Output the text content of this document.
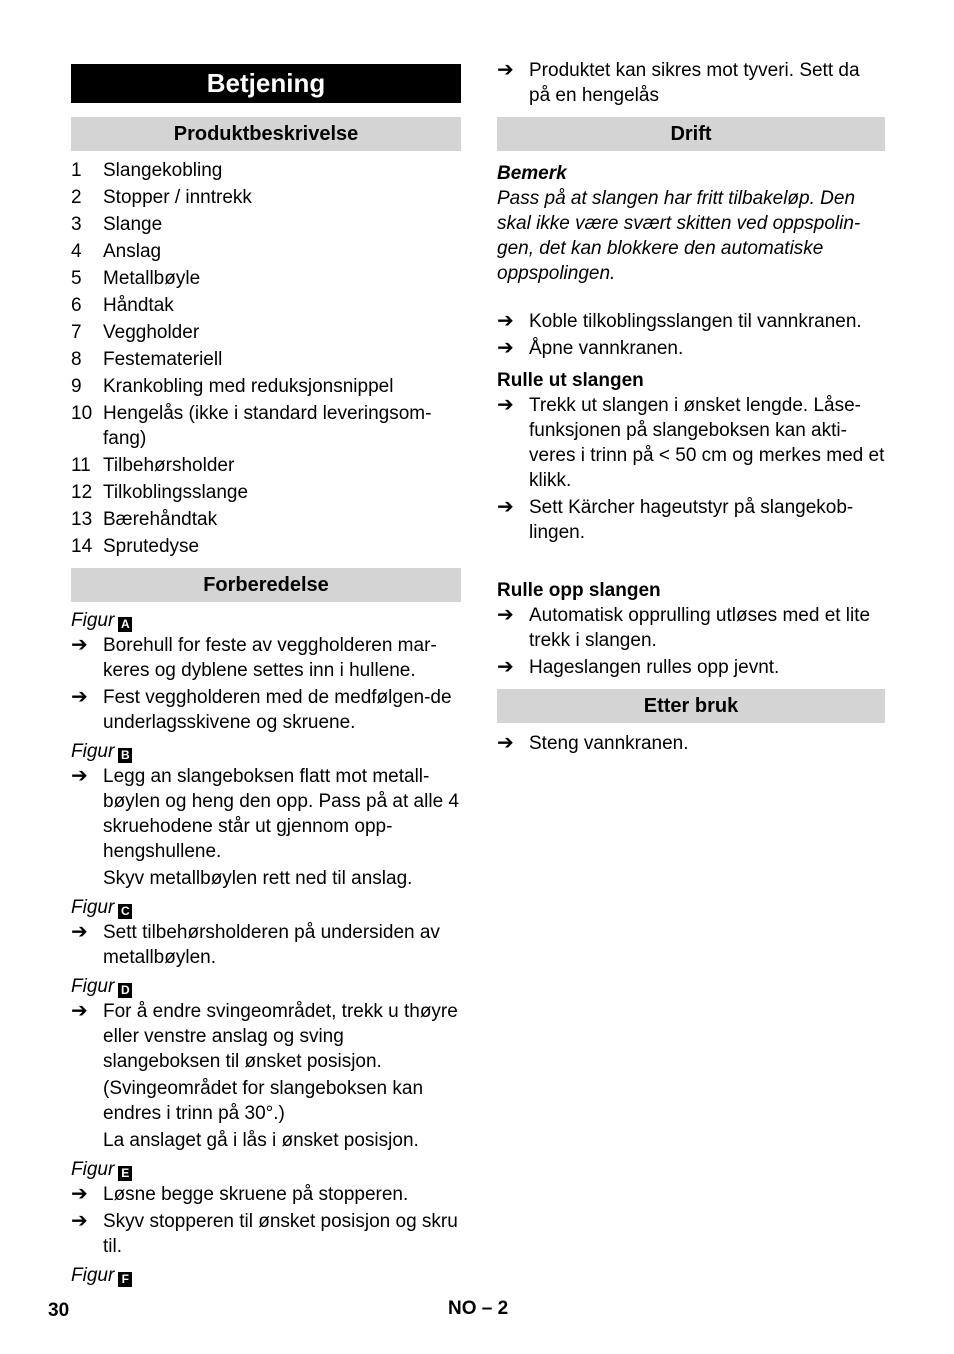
Betjening
Produktbeskrivelse
1	Slangekobling
2	Stopper / inntrekk
3	Slange
4	Anslag
5	Metallbøyle
6	Håndtak
7	Veggholder
8	Festemateriell
9	Krankobling med reduksjonsnippel
10 Hengelås (ikke i standard leveringsom-fang)
11 Tilbehørsholder
12 Tilkoblingsslange
13 Bærehåndtak
14 Sprutedyse
Forberedelse
Figur A
➔ Borehull for feste av veggholderen mar-keres og dyblene settes inn i hullene.
➔ Fest veggholderen med de medfølgen-de underlagsskivene og skruene.
Figur B
➔ Legg an slangeboksen flatt mot metall-bøylen og heng den opp. Pass på at alle 4 skruehodene står ut gjennom opp-hengshullene.
Skyv metallbøylen rett ned til anslag.
Figur C
➔ Sett tilbehørsholderen på undersiden av metallbøylen.
Figur D
➔ For å endre svingeområdet, trekk u thøyre eller venstre anslag og sving slangeboksen til ønsket posisjon.
(Svingeområdet for slangeboksen kan endres i trinn på 30°.)
La anslaget gå i lås i ønsket posisjon.
Figur E
➔ Løsne begge skruene på stopperen.
➔ Skyv stopperen til ønsket posisjon og skru til.
Figur F
➔ Produktet kan sikres mot tyveri. Sett da på en hengelås
Drift
Bemerk
Pass på at slangen har fritt tilbakeløp. Den skal ikke være svært skitten ved oppspolin-gen, det kan blokkere den automatiske oppspolingen.
➔ Koble tilkoblingsslangen til vannkranen.
➔ Åpne vannkranen.
Rulle ut slangen
➔ Trekk ut slangen i ønsket lengde. Låse-funksjonen på slangeboksen kan akti-veres i trinn på < 50 cm og merkes med et klikk.
➔ Sett Kärcher hageutstyr på slangekob-lingen.
Rulle opp slangen
➔ Automatisk opprulling utløses med et lite trekk i slangen.
➔ Hageslangen rulles opp jevnt.
Etter bruk
➔ Steng vannkranen.
30	NO – 2
